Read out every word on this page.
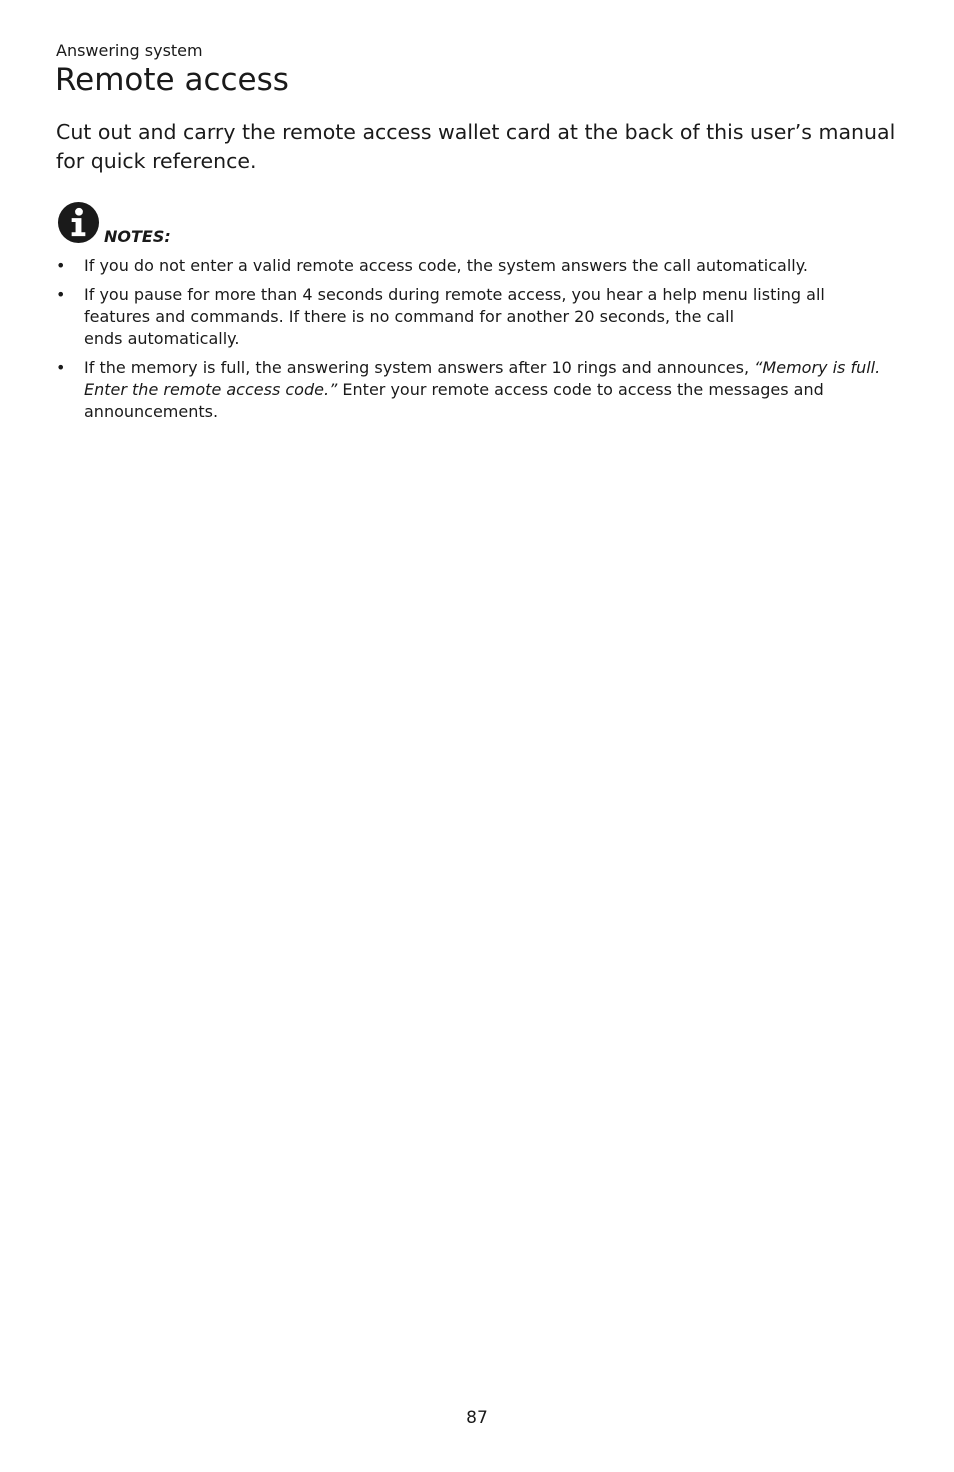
Answering system
Remote access

Cut out and carry the remote access wallet card at the back of this user’s manual for quick reference.

NOTES:
• If you do not enter a valid remote access code, the system answers the call automatically.
• If you pause for more than 4 seconds during remote access, you hear a help menu listing all
features and commands. If there is no command for another 20 seconds, the call
ends automatically.
• If the memory is full, the answering system answers after 10 rings and announces, “Memory is full. Enter the remote access code.” Enter your remote access code to access the messages and announcements.
87
